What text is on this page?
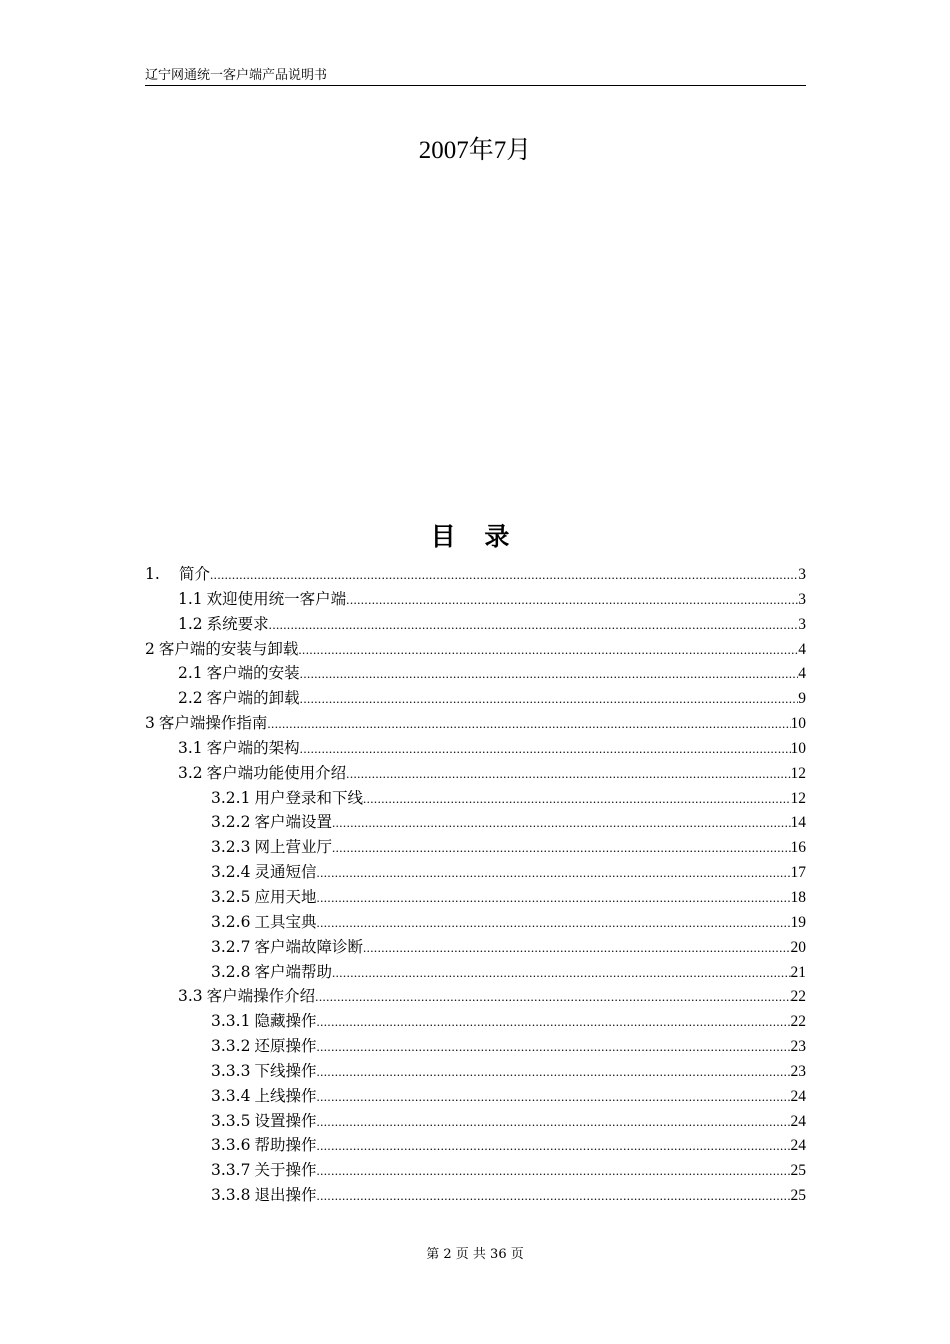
辽宁网通统一客户端产品说明书
2007年7月
目 录
1.	简介 .....	3
1.1 欢迎使用统一客户端 .....	3
1.2 系统要求 .....	3
2 客户端的安装与卸载 .....	4
2.1 客户端的安装 .....	4
2.2 客户端的卸载 .....	9
3 客户端操作指南 .....	10
3.1 客户端的架构 .....	10
3.2 客户端功能使用介绍 .....	12
3.2.1 用户登录和下线 .....	12
3.2.2 客户端设置 .....	14
3.2.3 网上营业厅 .....	16
3.2.4 灵通短信 .....	17
3.2.5 应用天地 .....	18
3.2.6 工具宝典 .....	19
3.2.7 客户端故障诊断 .....	20
3.2.8 客户端帮助 .....	21
3.3 客户端操作介绍 .....	22
3.3.1 隐藏操作 .....	22
3.3.2 还原操作 .....	23
3.3.3 下线操作 .....	23
3.3.4 上线操作 .....	24
3.3.5 设置操作 .....	24
3.3.6 帮助操作 .....	24
3.3.7 关于操作 .....	25
3.3.8 退出操作 .....	25
第 2 页 共 36 页
